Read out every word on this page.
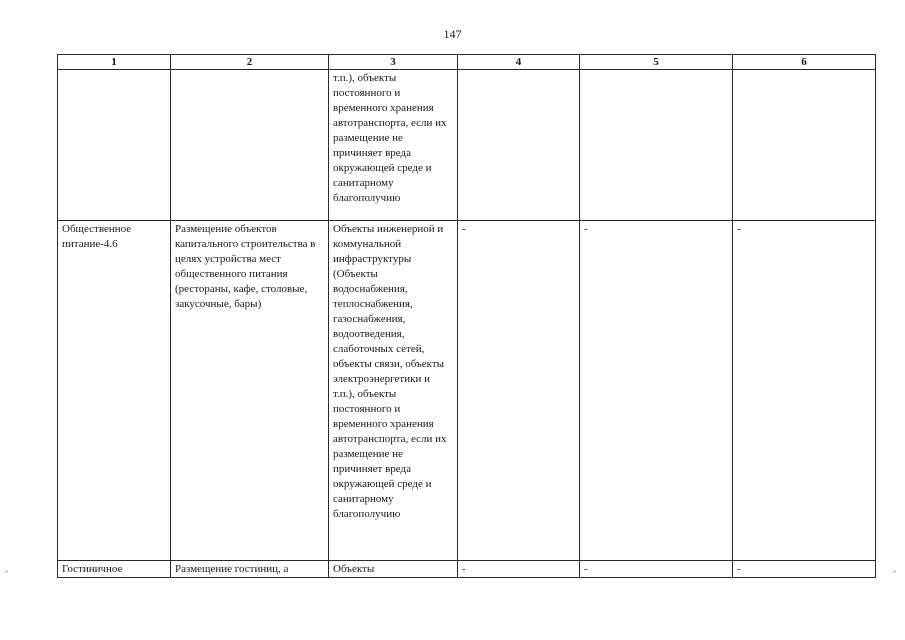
147
1	2	3	4	5	6
		т.п.), объекты постоянного и временного хранения автотранспорта, если их размещение не причиняет вреда окружающей среде и санитарному благополучию			
Общественное питание-4.6	Размещение объектов капитального строительства в целях устройства мест общественного питания (рестораны, кафе, столовые, закусочные, бары)	Объекты инженерной и коммунальной инфраструктуры (Объекты водоснабжения, теплоснабжения, газоснабжения, водоотведения, слаботочных сетей, объекты связи, объекты электроэнергетики и т.п.), объекты постоянного и временного хранения автотранспорта, если их размещение не причиняет вреда окружающей среде и санитарному благополучию	-	-	-
Гостиничное	Размещение гостиниц, а	Объекты	-	-	-
-	-
